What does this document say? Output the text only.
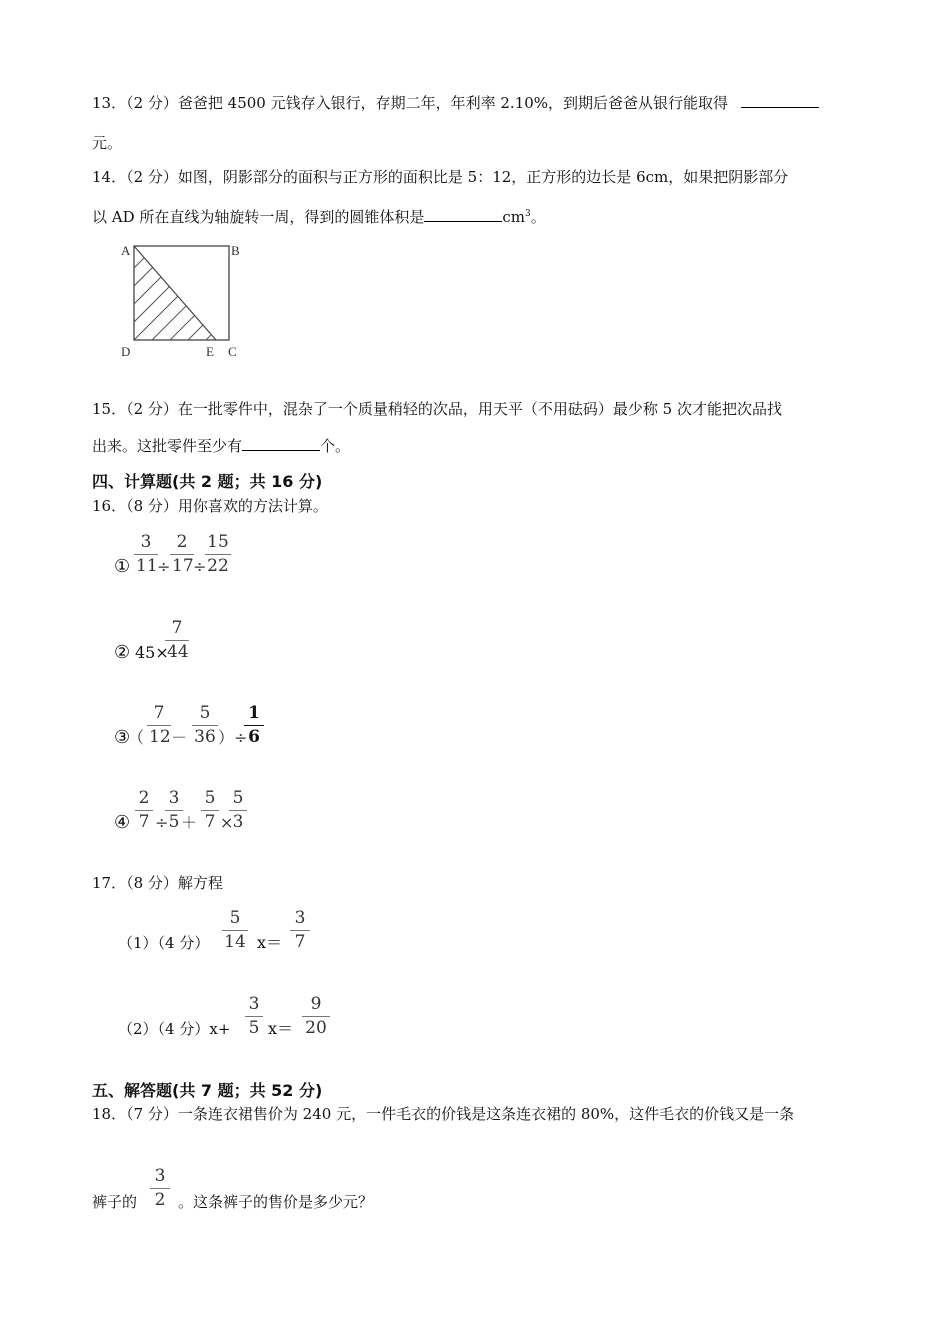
13．（2 分）爸爸把 4500 元钱存入银行，存期二年，年利率 2.10%，到期后爸爸从银行能取得
元。
14．（2 分）如图，阴影部分的面积与正方形的面积比是 5：12，正方形的边长是 6cm，如果把阴影部分
以 AD 所在直线为轴旋转一周，得到的圆锥体积是	$cm^3$。
A	B
D	E C
15．（2 分）在一批零件中，混杂了一个质量稍轻的次品，用天平（不用砝码）最少称 5 次才能把次品找
出来。这批零件至少有	个。
四、计算题(共 2 题；共 16 分)
16．（8 分）用你喜欢的方法计算。
①
3
11 ÷
2
17 ÷
15
22
② 45×
7
44
③
（
7
12 －
5
36 ）÷
1
6
④
2
7 ÷
3
5 ＋
5
7 ×
5
3
17．（8 分）解方程
（1）（4 分）
5
14 x＝
3
7
（2）（4 分）x+
3
5 x＝
9
20
五、解答题(共 7 题；共 52 分)
18．（7 分）一条连衣裙售价为 240 元，一件毛衣的价钱是这条连衣裙的 80%，这件毛衣的价钱又是一条
裤子的
3
2 。这条裤子的售价是多少元？
